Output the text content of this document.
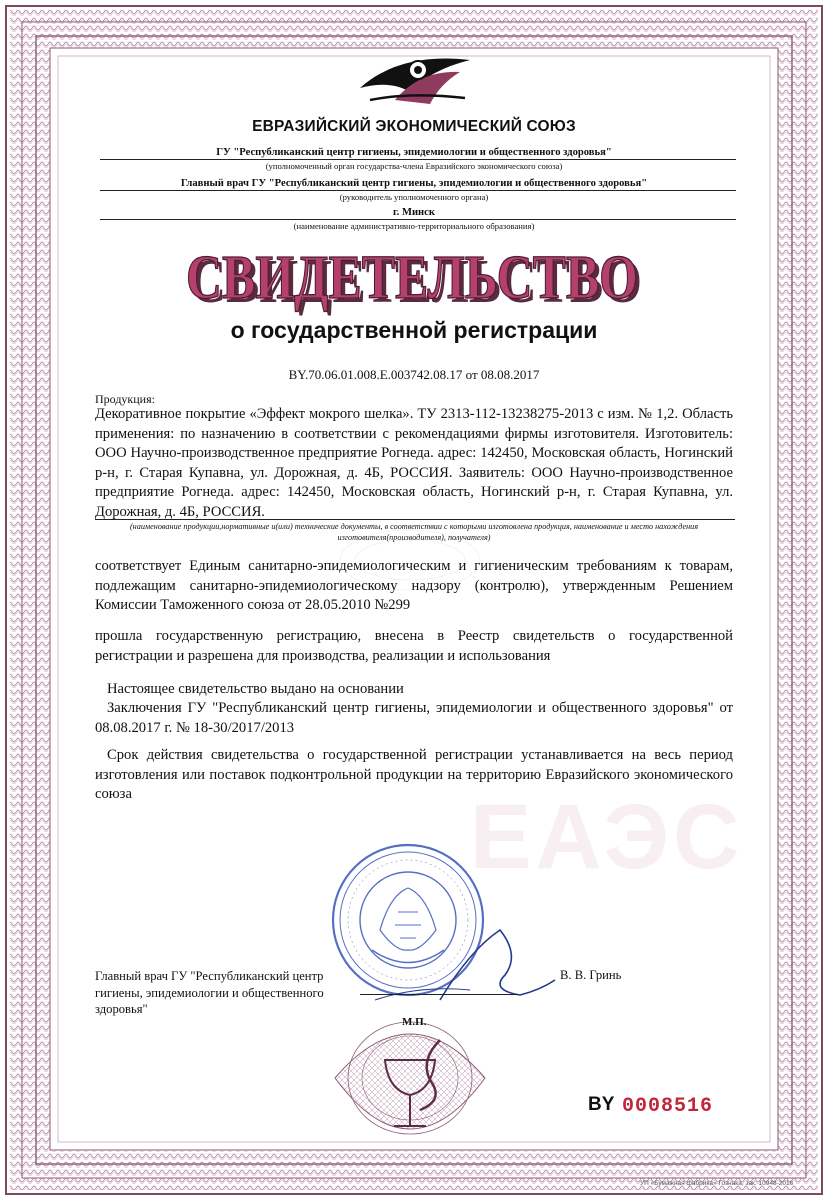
ЕАЭС
ЕВРАЗИЙСКИЙ ЭКОНОМИЧЕСКИЙ СОЮЗ
ГУ "Республиканский центр гигиены, эпидемиологии и общественного здоровья"
(уполномоченный орган государства-члена Евразийского экономического союза)
Главный врач ГУ "Республиканский центр гигиены, эпидемиологии и общественного здоровья"
(руководитель уполномоченного органа)
г. Минск
(наименование административно-территориального образования)
СВИДЕТЕЛЬСТВО
СВИДЕТЕЛЬСТВО
о государственной регистрации
BY.70.06.01.008.Е.003742.08.17 от 08.08.2017
Продукция:
Декоративное покрытие «Эффект мокрого шелка». ТУ 2313-112-13238275-2013 с изм. № 1,2. Область применения: по назначению в соответствии с рекомендациями фирмы изготовителя. Изготовитель: ООО Научно-производственное предприятие Рогнеда. адрес: 142450, Московская область, Ногинский р-н, г. Старая Купавна, ул. Дорожная, д. 4Б, РОССИЯ. Заявитель: ООО Научно-производственное предприятие Рогнеда. адрес: 142450, Московская область, Ногинский р-н, г. Старая Купавна, ул. Дорожная, д. 4Б, РОССИЯ.
(наименование продукции,нормативные и(или) технические документы, в соответствии с которыми изготовлена продукция, наименование и место нахождения изготовителя(производителя), получателя)
соответствует Единым санитарно-эпидемиологическим и гигиеническим требованиям к товарам, подлежащим санитарно-эпидемиологическому надзору (контролю), утвержденным Решением Комиссии Таможенного союза от 28.05.2010 №299
прошла государственную регистрацию, внесена в Реестр свидетельств о государственной регистрации и разрешена для производства, реализации и использования
Настоящее свидетельство выдано на основании
Заключения ГУ "Республиканский центр гигиены, эпидемиологии и общественного здоровья" от 08.08.2017 г. № 18-30/2017/2013
Срок действия свидетельства о государственной регистрации устанавливается на весь период изготовления или поставок подконтрольной продукции на территорию Евразийского экономического союза
Главный врач ГУ "Республиканский центр гигиены, эпидемиологии и общественного здоровья"
В. В. Гринь
М.П.
BY 0008516
УП «Бумажная фабрика» Гознака, зак. 10948-2016
